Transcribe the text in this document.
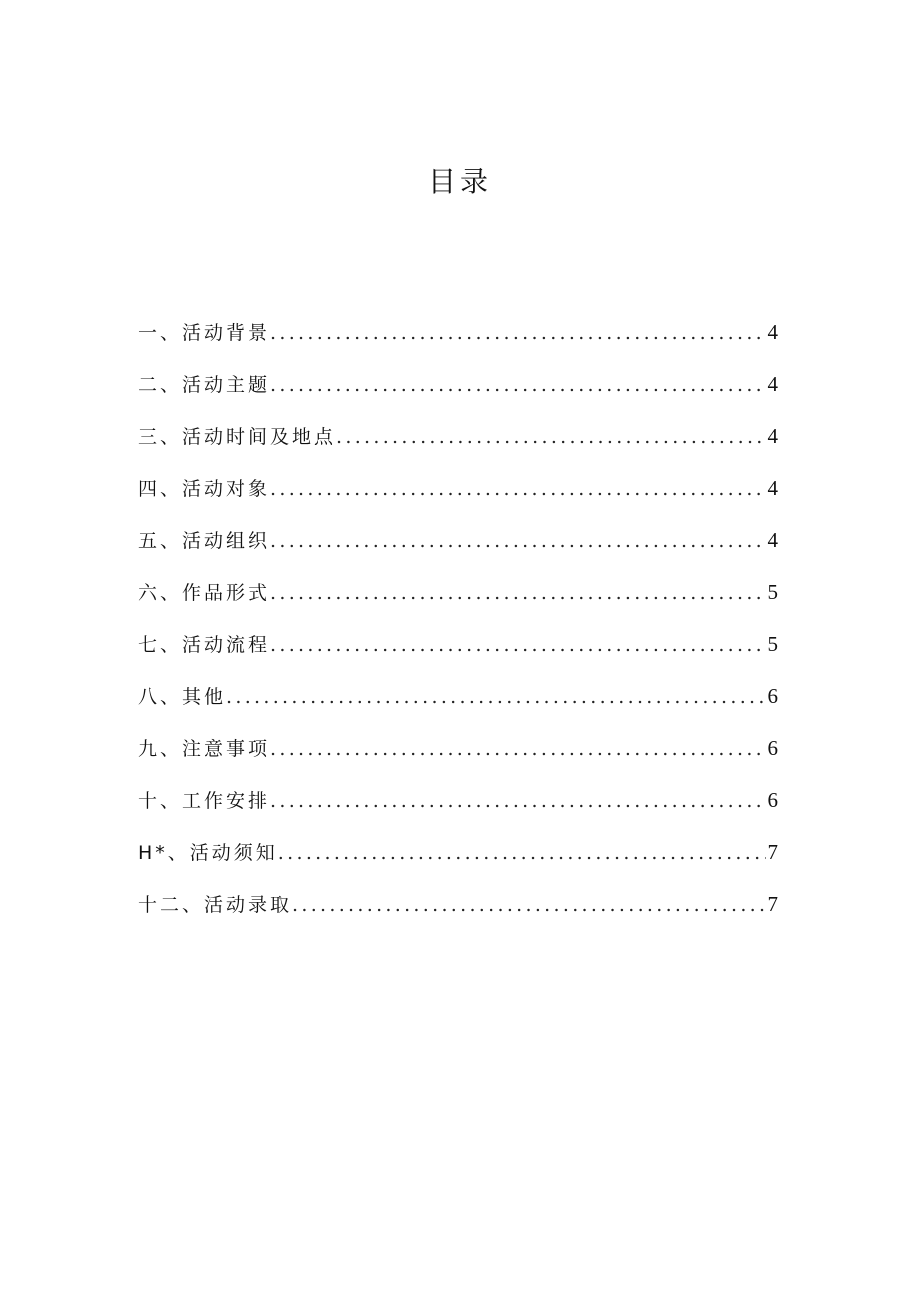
目录
一、活动背景 .....	4
二、活动主题 .....	4
三、活动时间及地点 .....	4
四、活动对象 .....	4
五、活动组织 .....	4
六、作品形式 .....	5
七、活动流程 .....	5
八、其他 .....	6
九、注意事项 .....	6
十、工作安排 .....	6
H*、活动须知 .....	7
十二、活动录取 .....	7
